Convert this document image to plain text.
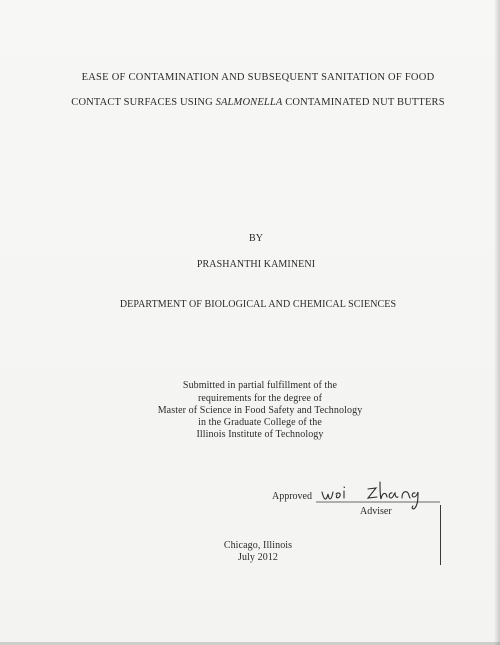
EASE OF CONTAMINATION AND SUBSEQUENT SANITATION OF FOOD
CONTACT SURFACES USING SALMONELLA CONTAMINATED NUT BUTTERS
BY
PRASHANTHI KAMINENI
DEPARTMENT OF BIOLOGICAL AND CHEMICAL SCIENCES
Submitted in partial fulfillment of the
requirements for the degree of
Master of Science in Food Safety and Technology
in the Graduate College of the
Illinois Institute of Technology
Approved
Adviser
Chicago, Illinois
July 2012
